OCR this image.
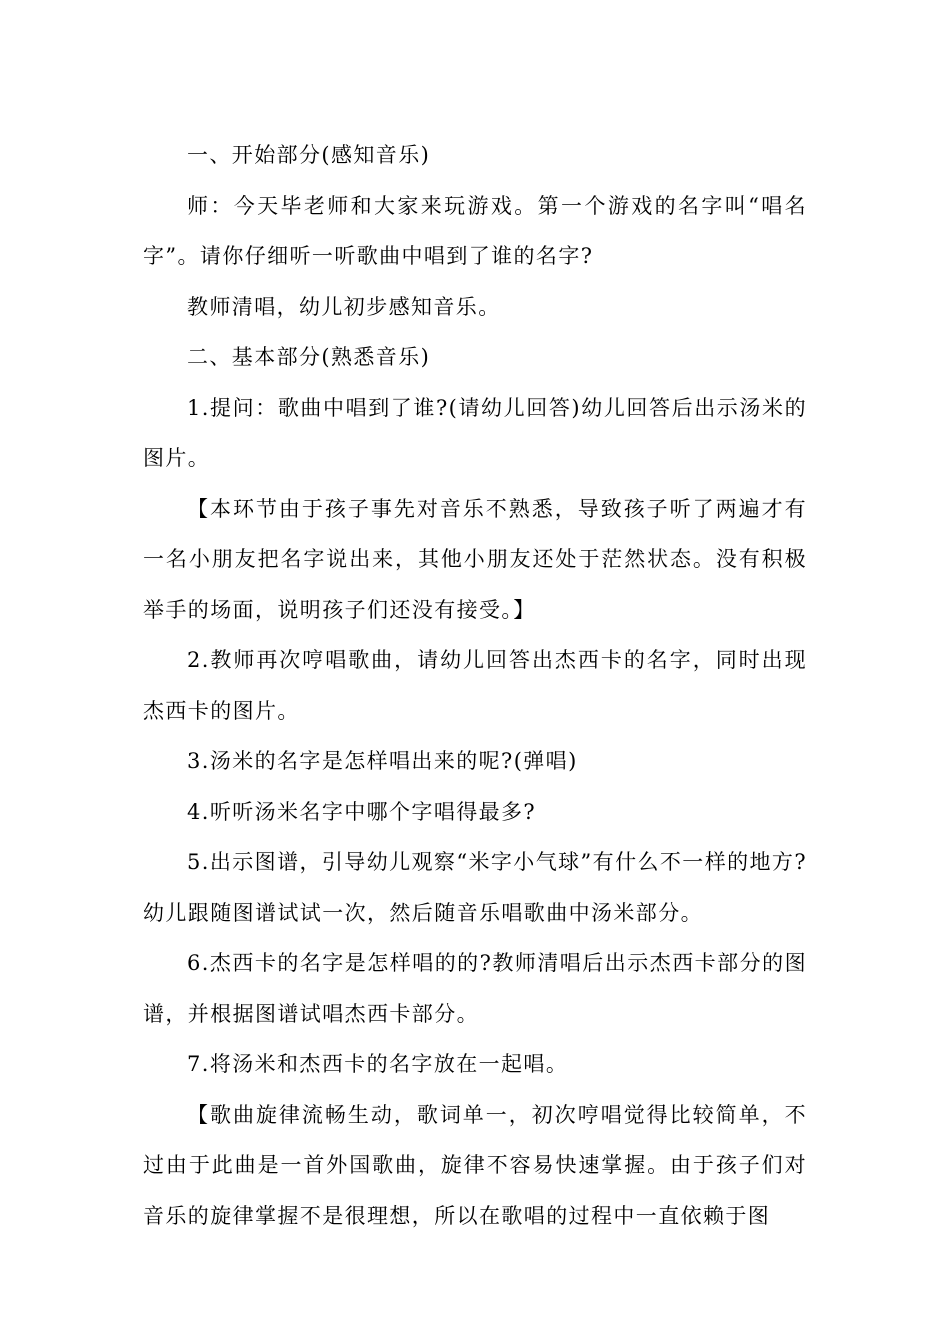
一、开始部分(感知音乐)

师：今天毕老师和大家来玩游戏。第一个游戏的名字叫“唱名字”。请你仔细听一听歌曲中唱到了谁的名字?

教师清唱，幼儿初步感知音乐。

二、基本部分(熟悉音乐)

1.提问：歌曲中唱到了谁?(请幼儿回答)幼儿回答后出示汤米的图片。

【本环节由于孩子事先对音乐不熟悉，导致孩子听了两遍才有一名小朋友把名字说出来，其他小朋友还处于茫然状态。没有积极举手的场面，说明孩子们还没有接受。】

2.教师再次哼唱歌曲，请幼儿回答出杰西卡的名字，同时出现杰西卡的图片。

3.汤米的名字是怎样唱出来的呢?(弹唱)

4.听听汤米名字中哪个字唱得最多?

5.出示图谱，引导幼儿观察“米字小气球”有什么不一样的地方?幼儿跟随图谱试试一次，然后随音乐唱歌曲中汤米部分。

6.杰西卡的名字是怎样唱的的?教师清唱后出示杰西卡部分的图谱，并根据图谱试唱杰西卡部分。

7.将汤米和杰西卡的名字放在一起唱。

【歌曲旋律流畅生动，歌词单一，初次哼唱觉得比较简单，不过由于此曲是一首外国歌曲，旋律不容易快速掌握。由于孩子们对音乐的旋律掌握不是很理想，所以在歌唱的过程中一直依赖于图
